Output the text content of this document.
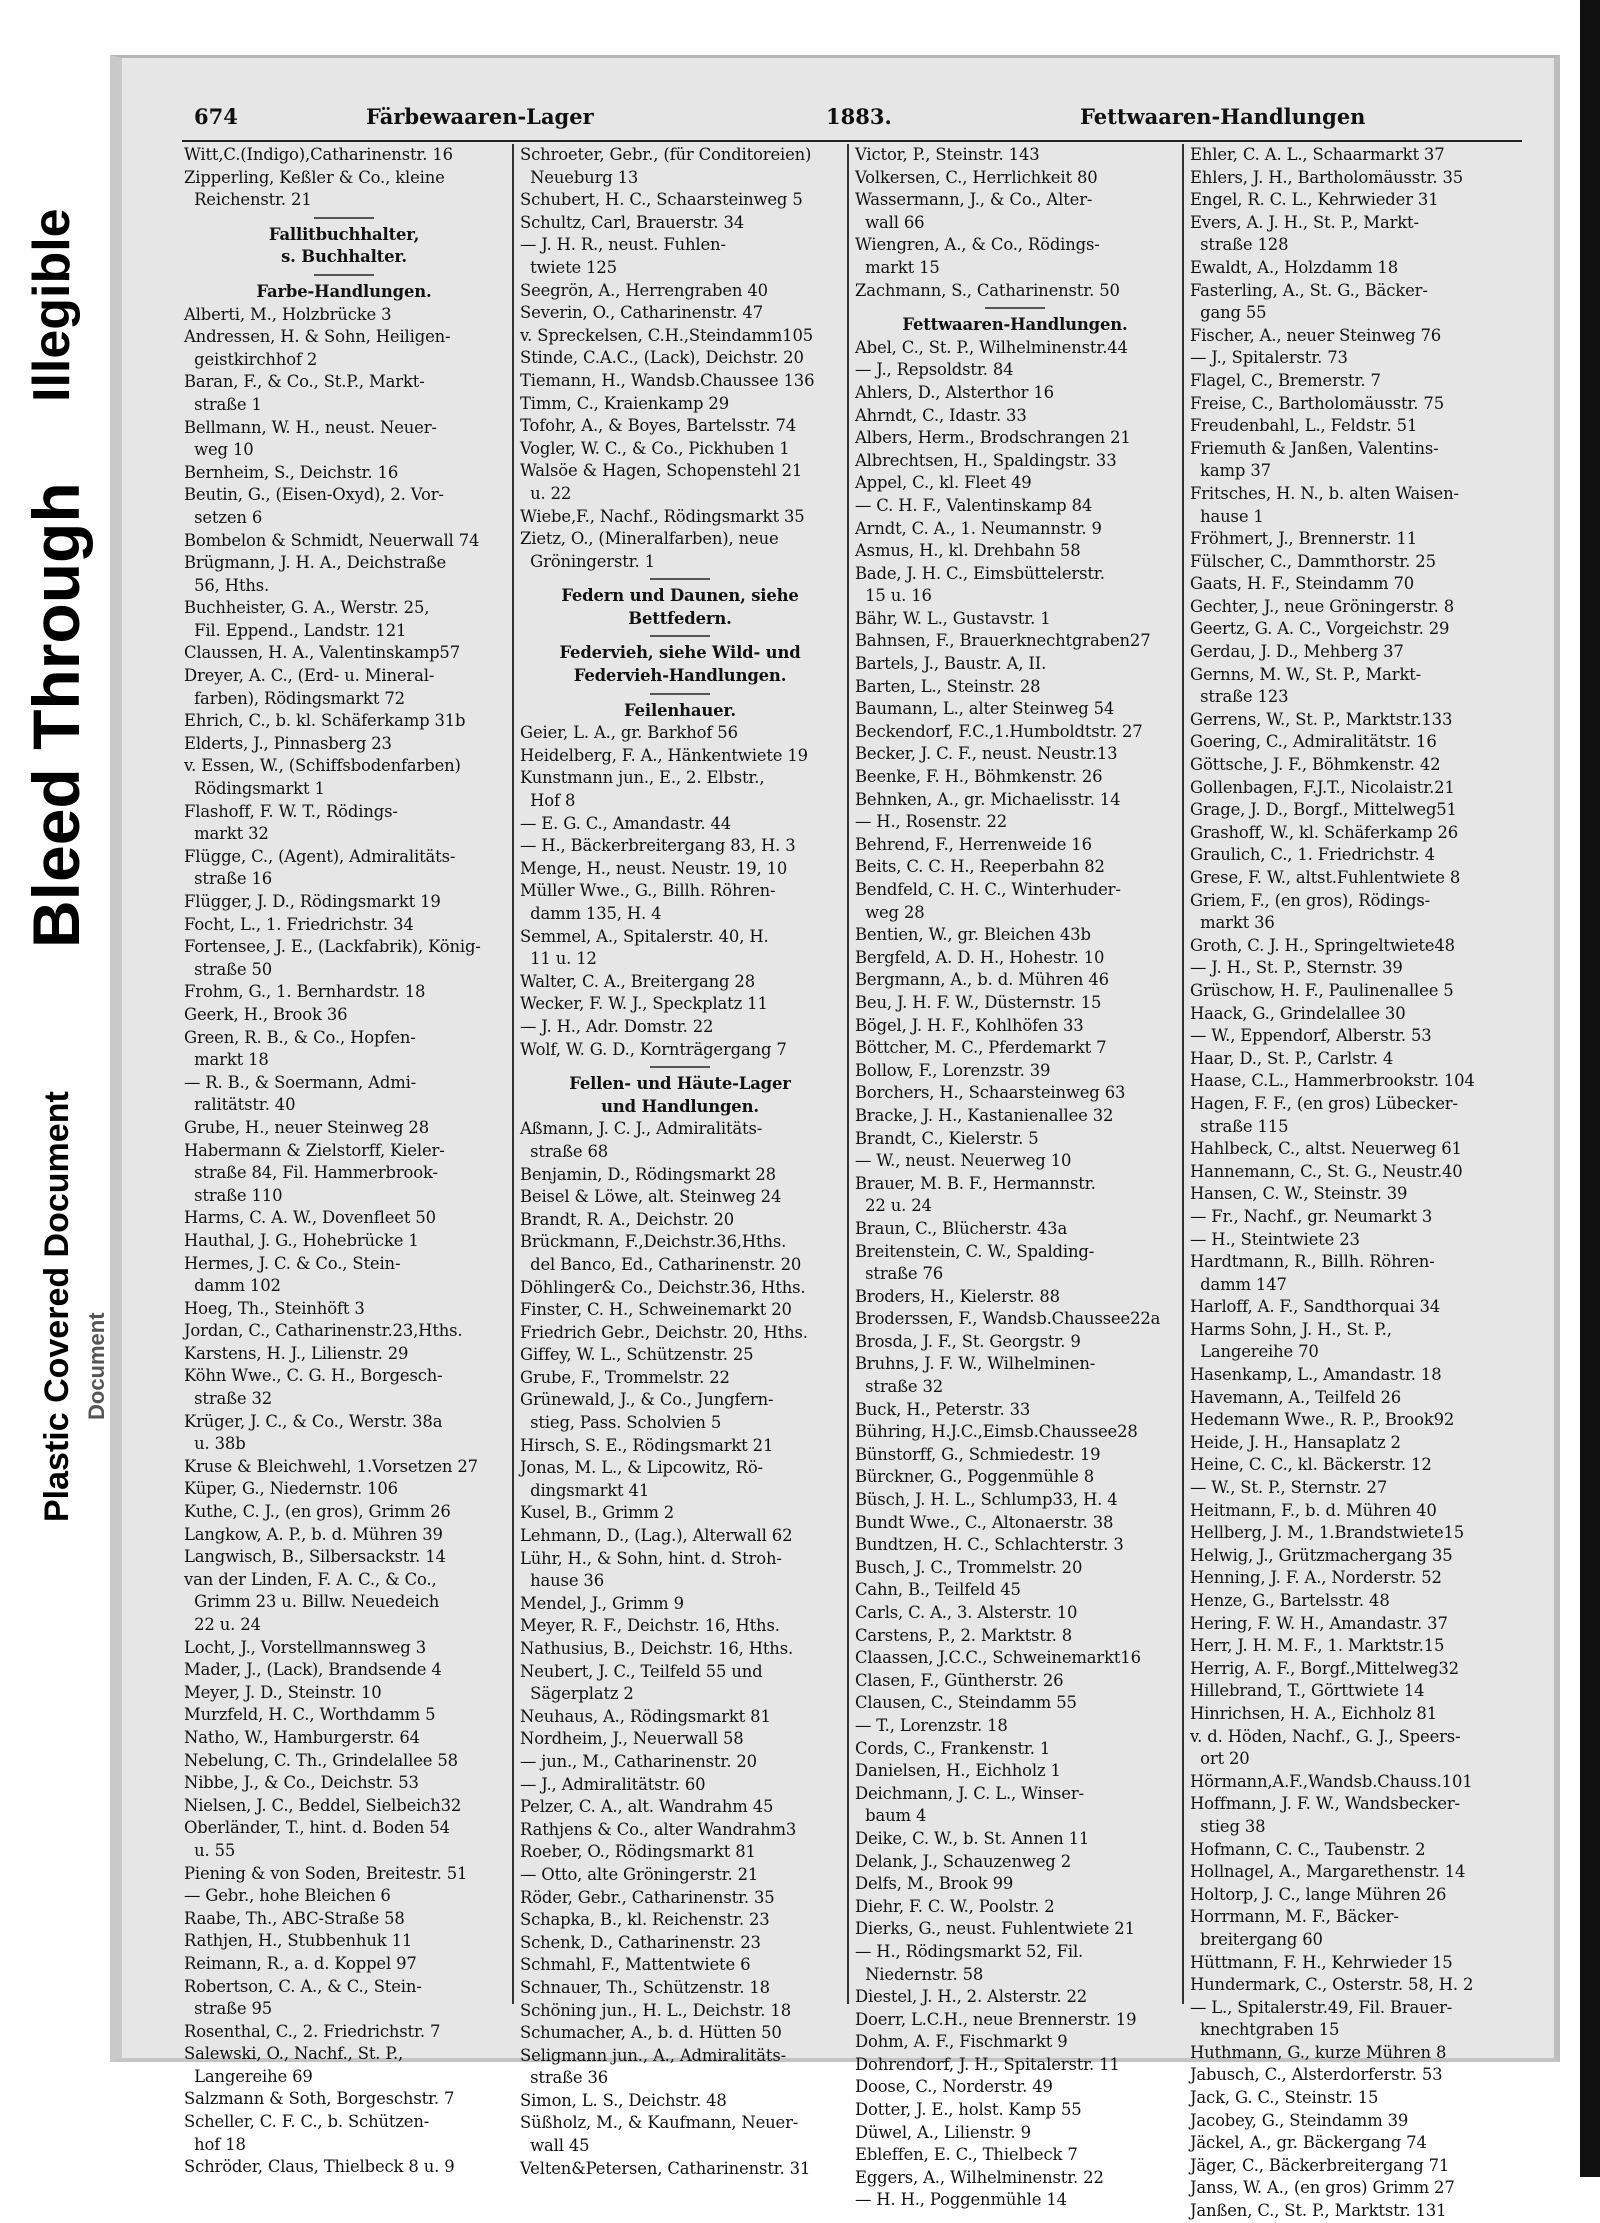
Plastic Covered Document
Bleed Through
Illegible
Document
674	Färbewaaren-Lager	1883.	Fettwaaren-Handlungen
Witt,C.(Indigo),Catharinenstr. 16
Zipperling, Keßler & Co., kleine
Reichenstr. 21
Fallitbuchhalter,
s. Buchhalter.
Farbe-Handlungen.
Alberti, M., Holzbrücke 3
Andressen, H. & Sohn, Heiligen-
geistkirchhof 2
Baran, F., & Co., St.P., Markt-
straße 1
Bellmann, W. H., neust. Neuer-
weg 10
Bernheim, S., Deichstr. 16
Beutin, G., (Eisen-Oxyd), 2. Vor-
setzen 6
Bombelon & Schmidt, Neuerwall 74
Brügmann, J. H. A., Deichstraße
56, Hths.
Buchheister, G. A., Werstr. 25,
Fil. Eppend., Landstr. 121
Claussen, H. A., Valentinskamp57
Dreyer, A. C., (Erd- u. Mineral-
farben), Rödingsmarkt 72
Ehrich, C., b. kl. Schäferkamp 31b
Elderts, J., Pinnasberg 23
v. Essen, W., (Schiffsbodenfarben)
Rödingsmarkt 1
Flashoff, F. W. T., Rödings-
markt 32
Flügge, C., (Agent), Admiralitäts-
straße 16
Flügger, J. D., Rödingsmarkt 19
Focht, L., 1. Friedrichstr. 34
Fortensee, J. E., (Lackfabrik), König-
straße 50
Frohm, G., 1. Bernhardstr. 18
Geerk, H., Brook 36
Green, R. B., & Co., Hopfen-
markt 18
— R. B., & Soermann, Admi-
ralitätstr. 40
Grube, H., neuer Steinweg 28
Habermann & Zielstorff, Kieler-
straße 84, Fil. Hammerbrook-
straße 110
Harms, C. A. W., Dovenfleet 50
Hauthal, J. G., Hohebrücke 1
Hermes, J. C. & Co., Stein-
damm 102
Hoeg, Th., Steinhöft 3
Jordan, C., Catharinenstr.23,Hths.
Karstens, H. J., Lilienstr. 29
Köhn Wwe., C. G. H., Borgesch-
straße 32
Krüger, J. C., & Co., Werstr. 38a
u. 38b
Kruse & Bleichwehl, 1.Vorsetzen 27
Küper, G., Niedernstr. 106
Kuthe, C. J., (en gros), Grimm 26
Langkow, A. P., b. d. Mühren 39
Langwisch, B., Silbersackstr. 14
van der Linden, F. A. C., & Co.,
Grimm 23 u. Billw. Neuedeich
22 u. 24
Locht, J., Vorstellmannsweg 3
Mader, J., (Lack), Brandsende 4
Meyer, J. D., Steinstr. 10
Murzfeld, H. C., Worthdamm 5
Natho, W., Hamburgerstr. 64
Nebelung, C. Th., Grindelallee 58
Nibbe, J., & Co., Deichstr. 53
Nielsen, J. C., Beddel, Sielbeich32
Oberländer, T., hint. d. Boden 54
u. 55
Piening & von Soden, Breitestr. 51
— Gebr., hohe Bleichen 6
Raabe, Th., ABC-Straße 58
Rathjen, H., Stubbenhuk 11
Reimann, R., a. d. Koppel 97
Robertson, C. A., & C., Stein-
straße 95
Rosenthal, C., 2. Friedrichstr. 7
Salewski, O., Nachf., St. P.,
Langereihe 69
Salzmann & Soth, Borgeschstr. 7
Scheller, C. F. C., b. Schützen-
hof 18
Schröder, Claus, Thielbeck 8 u. 9
Schroeter, Gebr., (für Conditoreien)
Neueburg 13
Schubert, H. C., Schaarsteinweg 5
Schultz, Carl, Brauerstr. 34
— J. H. R., neust. Fuhlen-
twiete 125
Seegrön, A., Herrengraben 40
Severin, O., Catharinenstr. 47
v. Spreckelsen, C.H.,Steindamm105
Stinde, C.A.C., (Lack), Deichstr. 20
Tiemann, H., Wandsb.Chaussee 136
Timm, C., Kraienkamp 29
Tofohr, A., & Boyes, Bartelsstr. 74
Vogler, W. C., & Co., Pickhuben 1
Walsöe & Hagen, Schopenstehl 21
u. 22
Wiebe,F., Nachf., Rödingsmarkt 35
Zietz, O., (Mineralfarben), neue
Gröningerstr. 1
Federn und Daunen, siehe
Bettfedern.
Federvieh, siehe Wild- und
Federvieh-Handlungen.
Feilenhauer.
Geier, L. A., gr. Barkhof 56
Heidelberg, F. A., Hänkentwiete 19
Kunstmann jun., E., 2. Elbstr.,
Hof 8
— E. G. C., Amandastr. 44
— H., Bäckerbreitergang 83, H. 3
Menge, H., neust. Neustr. 19, 10
Müller Wwe., G., Billh. Röhren-
damm 135, H. 4
Semmel, A., Spitalerstr. 40, H.
11 u. 12
Walter, C. A., Breitergang 28
Wecker, F. W. J., Speckplatz 11
— J. H., Adr. Domstr. 22
Wolf, W. G. D., Kornträgergang 7
Fellen- und Häute-Lager
und Handlungen.
Aßmann, J. C. J., Admiralitäts-
straße 68
Benjamin, D., Rödingsmarkt 28
Beisel & Löwe, alt. Steinweg 24
Brandt, R. A., Deichstr. 20
Brückmann, F.,Deichstr.36,Hths.
del Banco, Ed., Catharinenstr. 20
Döhlinger& Co., Deichstr.36, Hths.
Finster, C. H., Schweinemarkt 20
Friedrich Gebr., Deichstr. 20, Hths.
Giffey, W. L., Schützenstr. 25
Grube, F., Trommelstr. 22
Grünewald, J., & Co., Jungfern-
stieg, Pass. Scholvien 5
Hirsch, S. E., Rödingsmarkt 21
Jonas, M. L., & Lipcowitz, Rö-
dingsmarkt 41
Kusel, B., Grimm 2
Lehmann, D., (Lag.), Alterwall 62
Lühr, H., & Sohn, hint. d. Stroh-
hause 36
Mendel, J., Grimm 9
Meyer, R. F., Deichstr. 16, Hths.
Nathusius, B., Deichstr. 16, Hths.
Neubert, J. C., Teilfeld 55 und
Sägerplatz 2
Neuhaus, A., Rödingsmarkt 81
Nordheim, J., Neuerwall 58
— jun., M., Catharinenstr. 20
— J., Admiralitätstr. 60
Pelzer, C. A., alt. Wandrahm 45
Rathjens & Co., alter Wandrahm3
Roeber, O., Rödingsmarkt 81
— Otto, alte Gröningerstr. 21
Röder, Gebr., Catharinenstr. 35
Schapka, B., kl. Reichenstr. 23
Schenk, D., Catharinenstr. 23
Schmahl, F., Mattentwiete 6
Schnauer, Th., Schützenstr. 18
Schöning jun., H. L., Deichstr. 18
Schumacher, A., b. d. Hütten 50
Seligmann jun., A., Admiralitäts-
straße 36
Simon, L. S., Deichstr. 48
Süßholz, M., & Kaufmann, Neuer-
wall 45
Velten&Petersen, Catharinenstr. 31
Victor, P., Steinstr. 143
Volkersen, C., Herrlichkeit 80
Wassermann, J., & Co., Alter-
wall 66
Wiengren, A., & Co., Rödings-
markt 15
Zachmann, S., Catharinenstr. 50
Fettwaaren-Handlungen.
Abel, C., St. P., Wilhelminenstr.44
— J., Repsoldstr. 84
Ahlers, D., Alsterthor 16
Ahrndt, C., Idastr. 33
Albers, Herm., Brodschrangen 21
Albrechtsen, H., Spaldingstr. 33
Appel, C., kl. Fleet 49
— C. H. F., Valentinskamp 84
Arndt, C. A., 1. Neumannstr. 9
Asmus, H., kl. Drehbahn 58
Bade, J. H. C., Eimsbüttelerstr.
15 u. 16
Bähr, W. L., Gustavstr. 1
Bahnsen, F., Brauerknechtgraben27
Bartels, J., Baustr. A, II.
Barten, L., Steinstr. 28
Baumann, L., alter Steinweg 54
Beckendorf, F.C.,1.Humboldtstr. 27
Becker, J. C. F., neust. Neustr.13
Beenke, F. H., Böhmkenstr. 26
Behnken, A., gr. Michaelisstr. 14
— H., Rosenstr. 22
Behrend, F., Herrenweide 16
Beits, C. C. H., Reeperbahn 82
Bendfeld, C. H. C., Winterhuder-
weg 28
Bentien, W., gr. Bleichen 43b
Bergfeld, A. D. H., Hohestr. 10
Bergmann, A., b. d. Mühren 46
Beu, J. H. F. W., Düsternstr. 15
Bögel, J. H. F., Kohlhöfen 33
Böttcher, M. C., Pferdemarkt 7
Bollow, F., Lorenzstr. 39
Borchers, H., Schaarsteinweg 63
Bracke, J. H., Kastanienallee 32
Brandt, C., Kielerstr. 5
— W., neust. Neuerweg 10
Brauer, M. B. F., Hermannstr.
22 u. 24
Braun, C., Blücherstr. 43a
Breitenstein, C. W., Spalding-
straße 76
Broders, H., Kielerstr. 88
Broderssen, F., Wandsb.Chaussee22a
Brosda, J. F., St. Georgstr. 9
Bruhns, J. F. W., Wilhelminen-
straße 32
Buck, H., Peterstr. 33
Bühring, H.J.C.,Eimsb.Chaussee28
Bünstorff, G., Schmiedestr. 19
Bürckner, G., Poggenmühle 8
Büsch, J. H. L., Schlump33, H. 4
Bundt Wwe., C., Altonaerstr. 38
Bundtzen, H. C., Schlachterstr. 3
Busch, J. C., Trommelstr. 20
Cahn, B., Teilfeld 45
Carls, C. A., 3. Alsterstr. 10
Carstens, P., 2. Marktstr. 8
Claassen, J.C.C., Schweinemarkt16
Clasen, F., Güntherstr. 26
Clausen, C., Steindamm 55
— T., Lorenzstr. 18
Cords, C., Frankenstr. 1
Danielsen, H., Eichholz 1
Deichmann, J. C. L., Winser-
baum 4
Deike, C. W., b. St. Annen 11
Delank, J., Schauzenweg 2
Delfs, M., Brook 99
Diehr, F. C. W., Poolstr. 2
Dierks, G., neust. Fuhlentwiete 21
— H., Rödingsmarkt 52, Fil.
Niedernstr. 58
Diestel, J. H., 2. Alsterstr. 22
Doerr, L.C.H., neue Brennerstr. 19
Dohm, A. F., Fischmarkt 9
Dohrendorf, J. H., Spitalerstr. 11
Doose, C., Norderstr. 49
Dotter, J. E., holst. Kamp 55
Düwel, A., Lilienstr. 9
Ebleffen, E. C., Thielbeck 7
Eggers, A., Wilhelminenstr. 22
— H. H., Poggenmühle 14
Ehler, C. A. L., Schaarmarkt 37
Ehlers, J. H., Bartholomäusstr. 35
Engel, R. C. L., Kehrwieder 31
Evers, A. J. H., St. P., Markt-
straße 128
Ewaldt, A., Holzdamm 18
Fasterling, A., St. G., Bäcker-
gang 55
Fischer, A., neuer Steinweg 76
— J., Spitalerstr. 73
Flagel, C., Bremerstr. 7
Freise, C., Bartholomäusstr. 75
Freudenbahl, L., Feldstr. 51
Friemuth & Janßen, Valentins-
kamp 37
Fritsches, H. N., b. alten Waisen-
hause 1
Fröhmert, J., Brennerstr. 11
Fülscher, C., Dammthorstr. 25
Gaats, H. F., Steindamm 70
Gechter, J., neue Gröningerstr. 8
Geertz, G. A. C., Vorgeichstr. 29
Gerdau, J. D., Mehberg 37
Gernns, M. W., St. P., Markt-
straße 123
Gerrens, W., St. P., Marktstr.133
Goering, C., Admiralitätstr. 16
Göttsche, J. F., Böhmkenstr. 42
Gollenbagen, F.J.T., Nicolaistr.21
Grage, J. D., Borgf., Mittelweg51
Grashoff, W., kl. Schäferkamp 26
Graulich, C., 1. Friedrichstr. 4
Grese, F. W., altst.Fuhlentwiete 8
Griem, F., (en gros), Rödings-
markt 36
Groth, C. J. H., Springeltwiete48
— J. H., St. P., Sternstr. 39
Grüschow, H. F., Paulinenallee 5
Haack, G., Grindelallee 30
— W., Eppendorf, Alberstr. 53
Haar, D., St. P., Carlstr. 4
Haase, C.L., Hammerbrookstr. 104
Hagen, F. F., (en gros) Lübecker-
straße 115
Hahlbeck, C., altst. Neuerweg 61
Hannemann, C., St. G., Neustr.40
Hansen, C. W., Steinstr. 39
— Fr., Nachf., gr. Neumarkt 3
— H., Steintwiete 23
Hardtmann, R., Billh. Röhren-
damm 147
Harloff, A. F., Sandthorquai 34
Harms Sohn, J. H., St. P.,
Langereihe 70
Hasenkamp, L., Amandastr. 18
Havemann, A., Teilfeld 26
Hedemann Wwe., R. P., Brook92
Heide, J. H., Hansaplatz 2
Heine, C. C., kl. Bäckerstr. 12
— W., St. P., Sternstr. 27
Heitmann, F., b. d. Mühren 40
Hellberg, J. M., 1.Brandstwiete15
Helwig, J., Grützmachergang 35
Henning, J. F. A., Norderstr. 52
Henze, G., Bartelsstr. 48
Hering, F. W. H., Amandastr. 37
Herr, J. H. M. F., 1. Marktstr.15
Herrig, A. F., Borgf.,Mittelweg32
Hillebrand, T., Görttwiete 14
Hinrichsen, H. A., Eichholz 81
v. d. Höden, Nachf., G. J., Speers-
ort 20
Hörmann,A.F.,Wandsb.Chauss.101
Hoffmann, J. F. W., Wandsbecker-
stieg 38
Hofmann, C. C., Taubenstr. 2
Hollnagel, A., Margarethenstr. 14
Holtorp, J. C., lange Mühren 26
Horrmann, M. F., Bäcker-
breitergang 60
Hüttmann, F. H., Kehrwieder 15
Hundermark, C., Osterstr. 58, H. 2
— L., Spitalerstr.49, Fil. Brauer-
knechtgraben 15
Huthmann, G., kurze Mühren 8
Jabusch, C., Alsterdorferstr. 53
Jack, G. C., Steinstr. 15
Jacobey, G., Steindamm 39
Jäckel, A., gr. Bäckergang 74
Jäger, C., Bäckerbreitergang 71
Janss, W. A., (en gros) Grimm 27
Janßen, C., St. P., Marktstr. 131
